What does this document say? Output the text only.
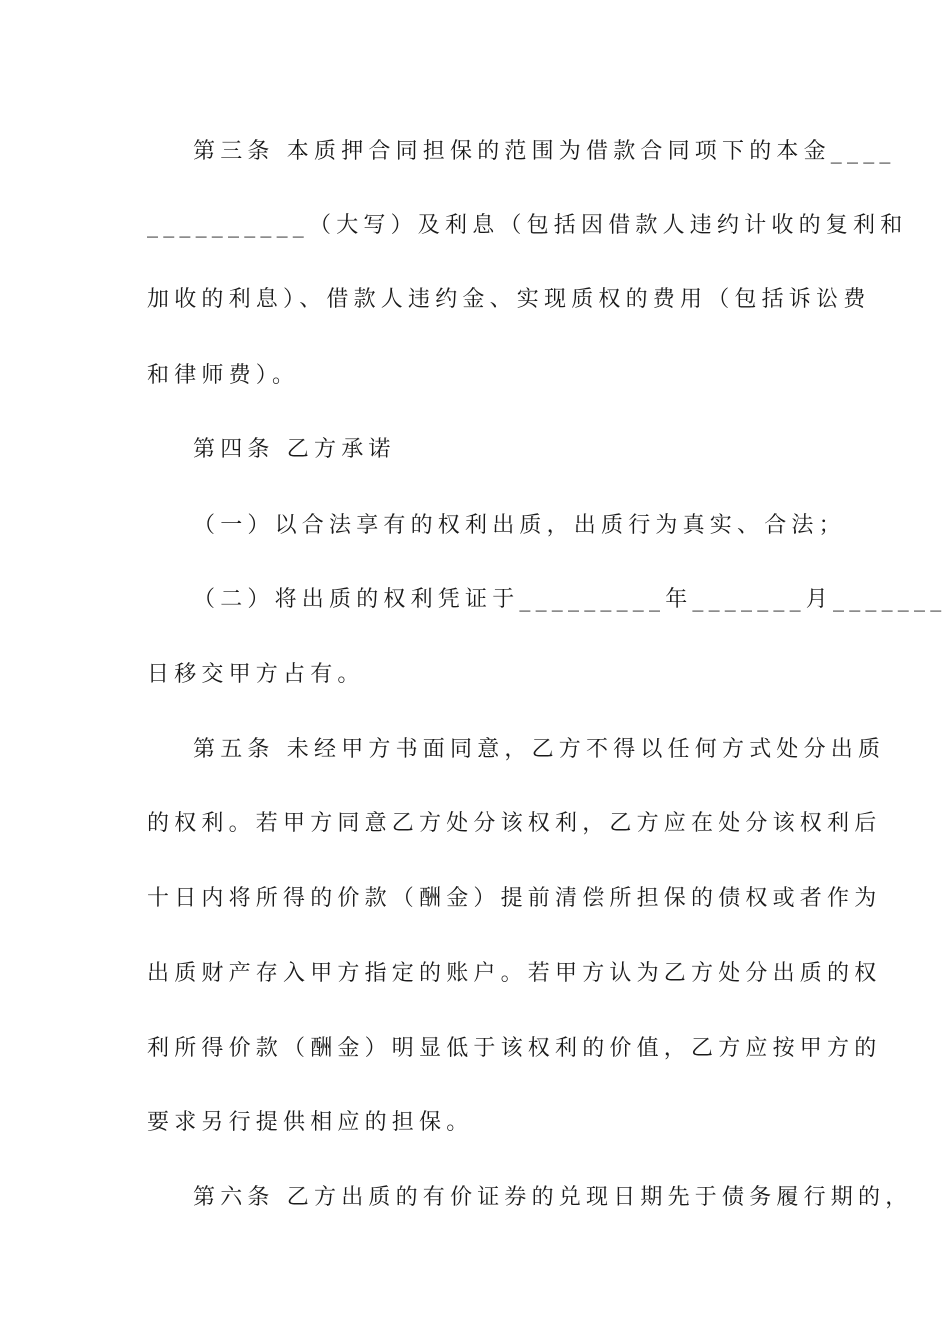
第三条 本质押合同担保的范围为借款合同项下的本金____
__________（大写）及利息（包括因借款人违约计收的复利和
加收的利息）、借款人违约金、实现质权的费用（包括诉讼费
和律师费）。
第四条 乙方承诺
（一）以合法享有的权利出质，出质行为真实、合法；
（二）将出质的权利凭证于_________年_______月_______
日移交甲方占有。
第五条 未经甲方书面同意，乙方不得以任何方式处分出质
的权利。若甲方同意乙方处分该权利，乙方应在处分该权利后
十日内将所得的价款（酬金）提前清偿所担保的债权或者作为
出质财产存入甲方指定的账户。若甲方认为乙方处分出质的权
利所得价款（酬金）明显低于该权利的价值，乙方应按甲方的
要求另行提供相应的担保。
第六条 乙方出质的有价证券的兑现日期先于债务履行期的，
